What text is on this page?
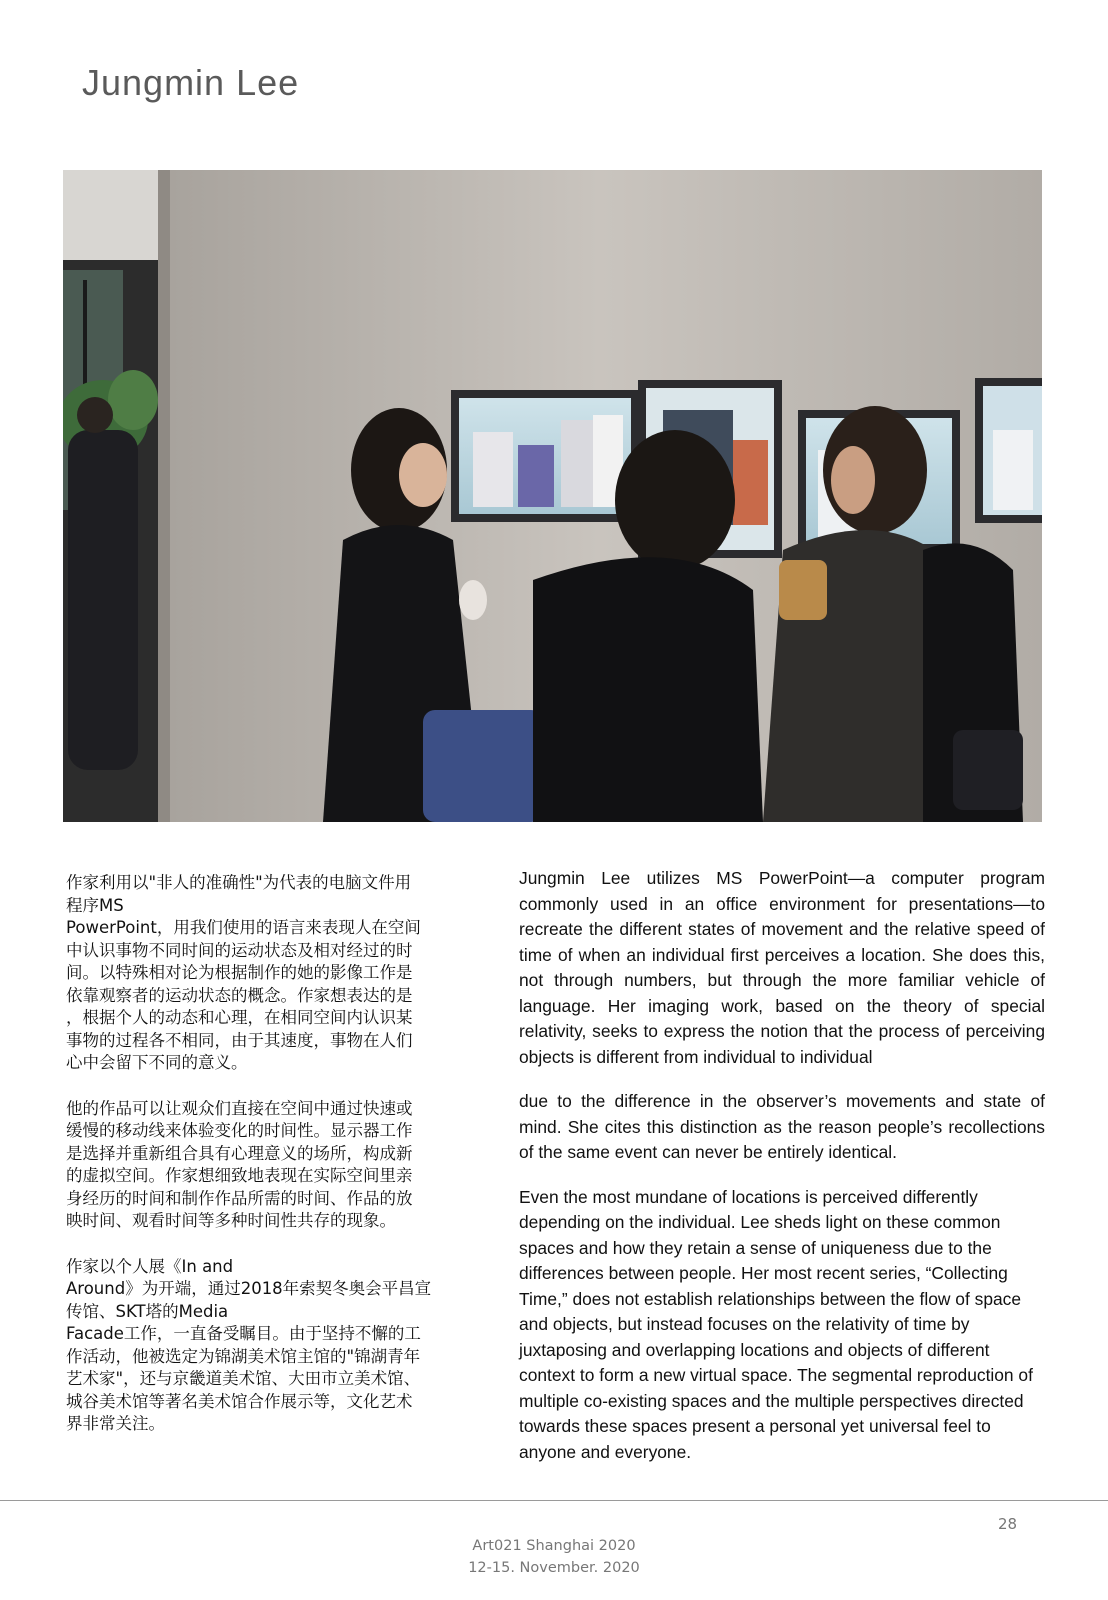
Jungmin Lee

作家利用以"非人的准确性"为代表的电脑文件用
程序MS
PowerPoint，用我们使用的语言来表现人在空间
中认识事物不同时间的运动状态及相对经过的时
间。以特殊相对论为根据制作的她的影像工作是
依靠观察者的运动状态的概念。作家想表达的是
，根据个人的动态和心理，在相同空间内认识某
事物的过程各不相同，由于其速度，事物在人们
心中会留下不同的意义。

他的作品可以让观众们直接在空间中通过快速或
缓慢的移动线来体验变化的时间性。显示器工作
是选择并重新组合具有心理意义的场所，构成新
的虚拟空间。作家想细致地表现在实际空间里亲
身经历的时间和制作作品所需的时间、作品的放
映时间、观看时间等多种时间性共存的现象。

作家以个人展《In and
Around》为开端，通过2018年索契冬奥会平昌宣
传馆、SKT塔的Media
Facade工作，一直备受瞩目。由于坚持不懈的工
作活动，他被选定为锦湖美术馆主馆的"锦湖青年
艺术家"，还与京畿道美术馆、大田市立美术馆、
城谷美术馆等著名美术馆合作展示等，文化艺术
界非常关注。

Jungmin Lee utilizes MS PowerPoint—a computer program commonly used in an office environment for presentations—to recreate the different states of movement and the relative speed of time of when an individual first perceives a location. She does this, not through numbers, but through the more familiar vehicle of language. Her imaging work, based on the theory of special relativity, seeks to express the notion that the process of perceiving objects is different from individual to individual

due to the difference in the observer’s movements and state of mind. She cites this distinction as the reason people’s recollections of the same event can never be entirely identical.

Even the most mundane of locations is perceived differently depending on the individual. Lee sheds light on these common spaces and how they retain a sense of uniqueness due to the differences between people. Her most recent series, “Collecting Time,” does not establish relationships between the flow of space and objects, but instead focuses on the relativity of time by juxtaposing and overlapping locations and objects of different context to form a new virtual space. The segmental reproduction of multiple co-existing spaces and the multiple perspectives directed towards these spaces present a personal yet universal feel to anyone and everyone.

28
Art021 Shanghai 2020
12-15. November. 2020
